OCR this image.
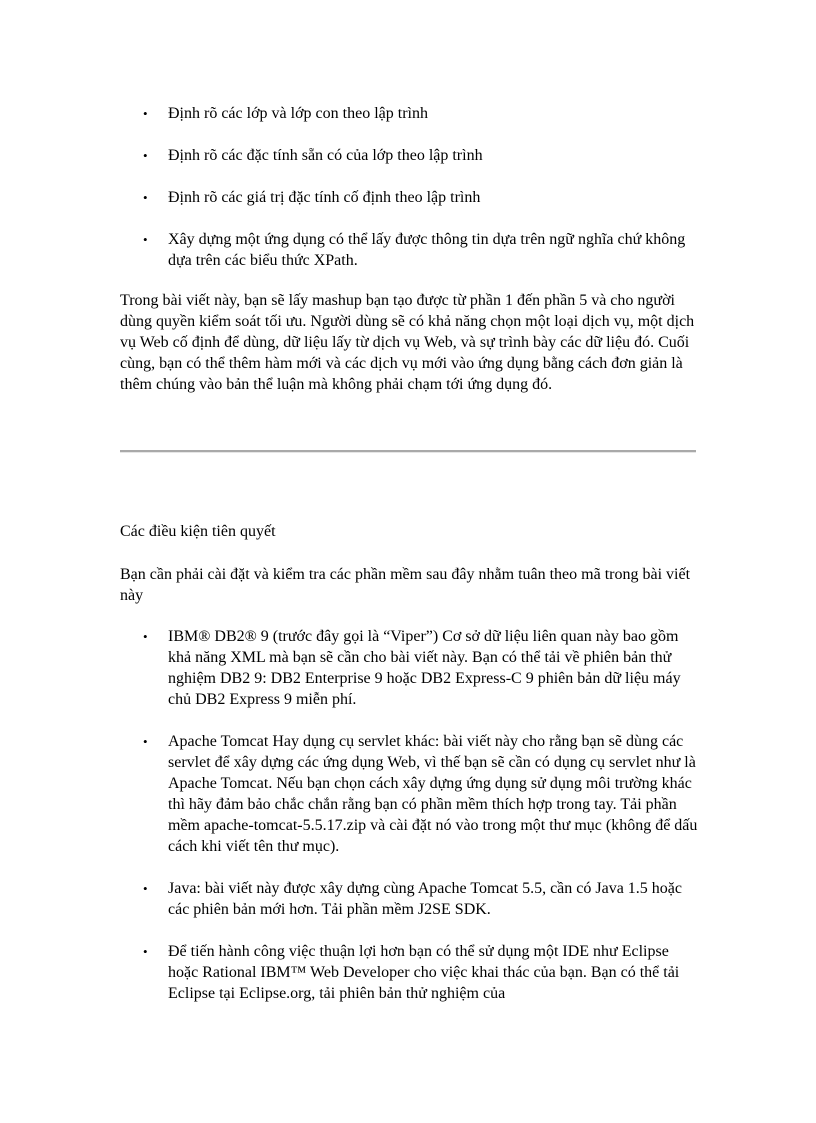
• Định rõ các lớp và lớp con theo lập trình
• Định rõ các đặc tính sẵn có của lớp theo lập trình
• Định rõ các giá trị đặc tính cố định theo lập trình
• Xây dựng một ứng dụng có thể lấy được thông tin dựa trên ngữ nghĩa chứ không dựa trên các biểu thức XPath.

Trong bài viết này, bạn sẽ lấy mashup bạn tạo được từ phần 1 đến phần 5 và cho người dùng quyền kiểm soát tối ưu. Người dùng sẽ có khả năng chọn một loại dịch vụ, một dịch vụ Web cố định để dùng, dữ liệu lấy từ dịch vụ Web, và sự trình bày các dữ liệu đó. Cuối cùng, bạn có thể thêm hàm mới và các dịch vụ mới vào ứng dụng bằng cách đơn giản là thêm chúng vào bản thể luận mà không phải chạm tới ứng dụng đó.

Các điều kiện tiên quyết

Bạn cần phải cài đặt và kiểm tra các phần mềm sau đây nhằm tuân theo mã trong bài viết này

• IBM® DB2® 9 (trước đây gọi là “Viper”) Cơ sở dữ liệu liên quan này bao gồm khả năng XML mà bạn sẽ cần cho bài viết này. Bạn có thể tải về phiên bản thử nghiệm DB2 9: DB2 Enterprise 9 hoặc DB2 Express-C 9 phiên bản dữ liệu máy chủ DB2 Express 9 miễn phí.
• Apache Tomcat Hay dụng cụ servlet khác: bài viết này cho rằng bạn sẽ dùng các servlet để xây dựng các ứng dụng Web, vì thế bạn sẽ cần có dụng cụ servlet như là Apache Tomcat. Nếu bạn chọn cách xây dựng ứng dụng sử dụng môi trường khác thì hãy đảm bảo chắc chắn rằng bạn có phần mềm thích hợp trong tay. Tải phần mềm apache-tomcat-5.5.17.zip và cài đặt nó vào trong một thư mục (không để dấu cách khi viết tên thư mục).
• Java: bài viết này được xây dựng cùng Apache Tomcat 5.5, cần có Java 1.5 hoặc các phiên bản mới hơn. Tải phần mềm J2SE SDK.
• Để tiến hành công việc thuận lợi hơn bạn có thể sử dụng một IDE như Eclipse hoặc Rational IBM™ Web Developer cho việc khai thác của bạn. Bạn có thể tải Eclipse tại Eclipse.org, tải phiên bản thử nghiệm của
